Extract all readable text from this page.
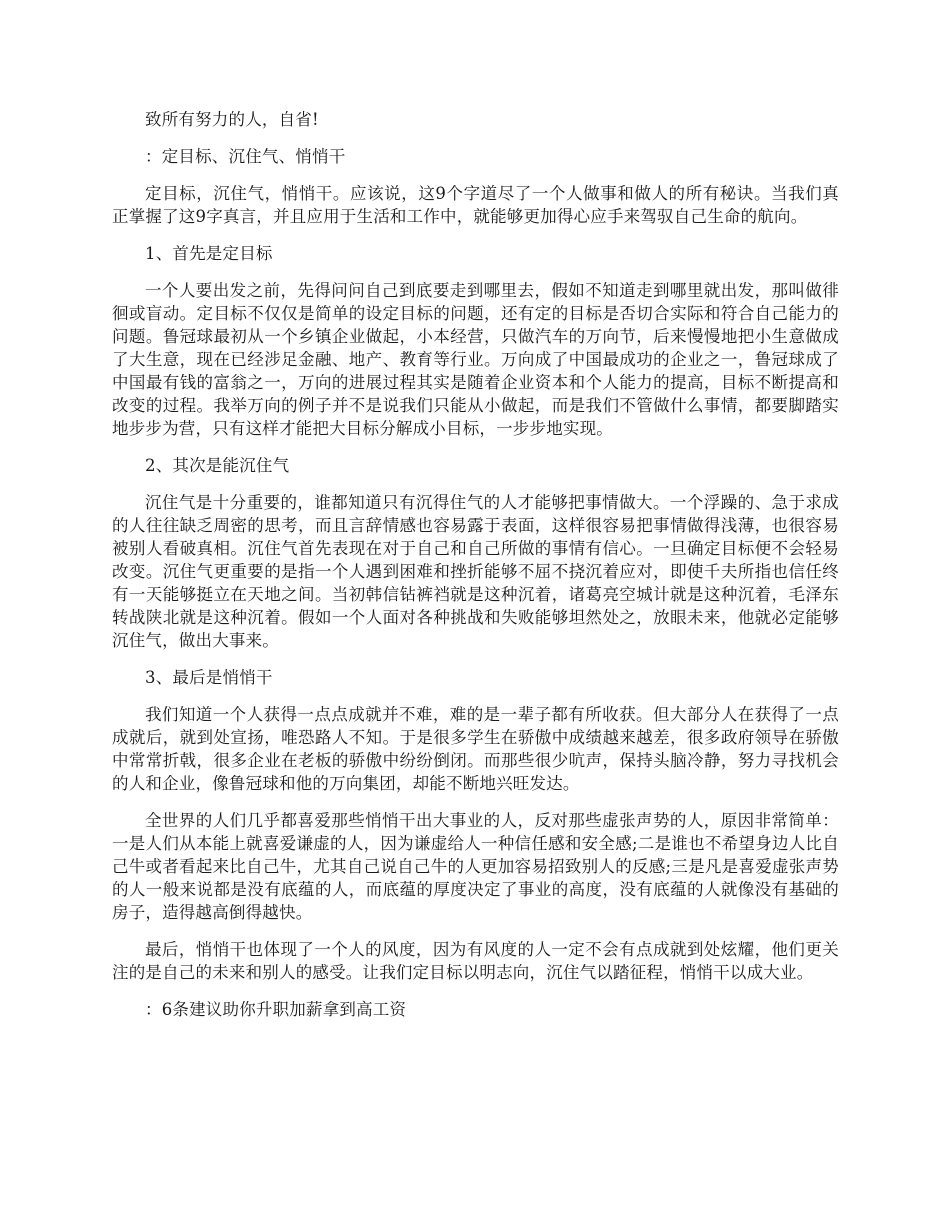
致所有努力的人，自省!
：定目标、沉住气、悄悄干
定目标，沉住气，悄悄干。应该说，这9个字道尽了一个人做事和做人的所有秘诀。当我们真正掌握了这9字真言，并且应用于生活和工作中，就能够更加得心应手来驾驭自己生命的航向。
1、首先是定目标
一个人要出发之前，先得问问自己到底要走到哪里去，假如不知道走到哪里就出发，那叫做徘徊或盲动。定目标不仅仅是简单的设定目标的问题，还有定的目标是否切合实际和符合自己能力的问题。鲁冠球最初从一个乡镇企业做起，小本经营，只做汽车的万向节，后来慢慢地把小生意做成了大生意，现在已经涉足金融、地产、教育等行业。万向成了中国最成功的企业之一，鲁冠球成了中国最有钱的富翁之一，万向的进展过程其实是随着企业资本和个人能力的提高，目标不断提高和改变的过程。我举万向的例子并不是说我们只能从小做起，而是我们不管做什么事情，都要脚踏实地步步为营，只有这样才能把大目标分解成小目标，一步步地实现。
2、其次是能沉住气
沉住气是十分重要的，谁都知道只有沉得住气的人才能够把事情做大。一个浮躁的、急于求成的人往往缺乏周密的思考，而且言辞情感也容易露于表面，这样很容易把事情做得浅薄，也很容易被别人看破真相。沉住气首先表现在对于自己和自己所做的事情有信心。一旦确定目标便不会轻易改变。沉住气更重要的是指一个人遇到困难和挫折能够不屈不挠沉着应对，即使千夫所指也信任终有一天能够挺立在天地之间。当初韩信钻裤裆就是这种沉着，诸葛亮空城计就是这种沉着，毛泽东转战陕北就是这种沉着。假如一个人面对各种挑战和失败能够坦然处之，放眼未来，他就必定能够沉住气，做出大事来。
3、最后是悄悄干
我们知道一个人获得一点点成就并不难，难的是一辈子都有所收获。但大部分人在获得了一点成就后，就到处宣扬，唯恐路人不知。于是很多学生在骄傲中成绩越来越差，很多政府领导在骄傲中常常折戟，很多企业在老板的骄傲中纷纷倒闭。而那些很少吭声，保持头脑冷静，努力寻找机会的人和企业，像鲁冠球和他的万向集团，却能不断地兴旺发达。
全世界的人们几乎都喜爱那些悄悄干出大事业的人，反对那些虚张声势的人，原因非常简单：一是人们从本能上就喜爱谦虚的人，因为谦虚给人一种信任感和安全感;二是谁也不希望身边人比自己牛或者看起来比自己牛，尤其自己说自己牛的人更加容易招致别人的反感;三是凡是喜爱虚张声势的人一般来说都是没有底蕴的人，而底蕴的厚度决定了事业的高度，没有底蕴的人就像没有基础的房子，造得越高倒得越快。
最后，悄悄干也体现了一个人的风度，因为有风度的人一定不会有点成就到处炫耀，他们更关注的是自己的未来和别人的感受。让我们定目标以明志向，沉住气以踏征程，悄悄干以成大业。
：6条建议助你升职加薪拿到高工资
